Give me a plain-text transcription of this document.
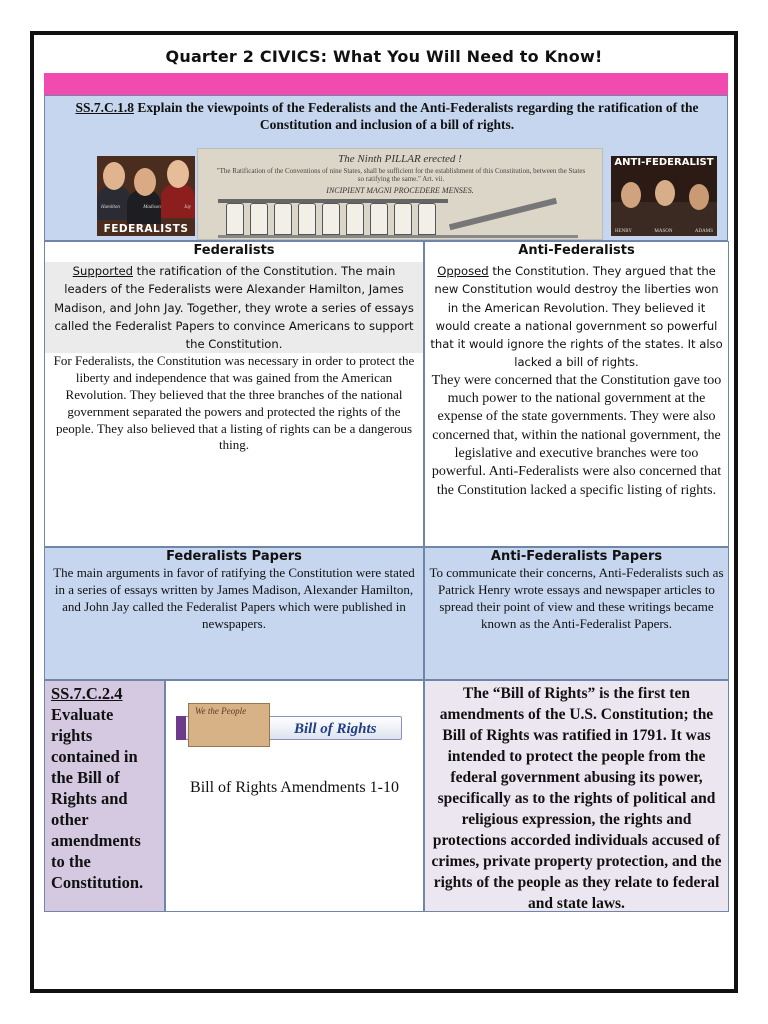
Quarter 2 CIVICS: What You Will Need to Know!
SS.7.C.1.8 Explain the viewpoints of the Federalists and the Anti-Federalists regarding the ratification of the Constitution and inclusion of a bill of rights.
Hamilton	Madison	Jay
FEDERALISTS
The Ninth PILLAR erected !
"The Ratification of the Conventions of nine States, shall be sufficient for the establishment of this Constitution, between the States so ratifying the same." Art. vii.
INCIPIENT MAGNI PROCEDERE MENSES.
ANTI-FEDERALIST
HENRY	MASON	ADAMS
Federalists
Supported the ratification of the Constitution. The main leaders of the Federalists were Alexander Hamilton, James Madison, and John Jay. Together, they wrote a series of essays called the Federalist Papers to convince Americans to support the Constitution.
For Federalists, the Constitution was necessary in order to protect the liberty and independence that was gained from the American Revolution. They believed that the three branches of the national government separated the powers and protected the rights of the people. They also believed that a listing of rights can be a dangerous thing.
Anti-Federalists
Opposed the Constitution. They argued that the new Constitution would destroy the liberties won in the American Revolution. They believed it would create a national government so powerful that it would ignore the rights of the states. It also lacked a bill of rights.
They were concerned that the Constitution gave too much power to the national government at the expense of the state governments. They were also concerned that, within the national government, the legislative and executive branches were too powerful. Anti-Federalists were also concerned that the Constitution lacked a specific listing of rights.
Federalists Papers
The main arguments in favor of ratifying the Constitution were stated in a series of essays written by James Madison, Alexander Hamilton, and John Jay called the Federalist Papers which were published in newspapers.
Anti-Federalists Papers
To communicate their concerns, Anti-Federalists such as Patrick Henry wrote essays and newspaper articles to spread their point of view and these writings became known as the Anti-Federalist Papers.
SS.7.C.2.4
Evaluate rights contained in the Bill of Rights and other amendments to the Constitution.
We the People
Bill of Rights
Bill of Rights Amendments 1-10
The “Bill of Rights” is the first ten amendments of the U.S. Constitution; the Bill of Rights was ratified in 1791. It was intended to protect the people from the federal government abusing its power, specifically as to the rights of political and religious expression, the rights and protections accorded individuals accused of crimes, private property protection, and the rights of the people as they relate to federal and state laws.
